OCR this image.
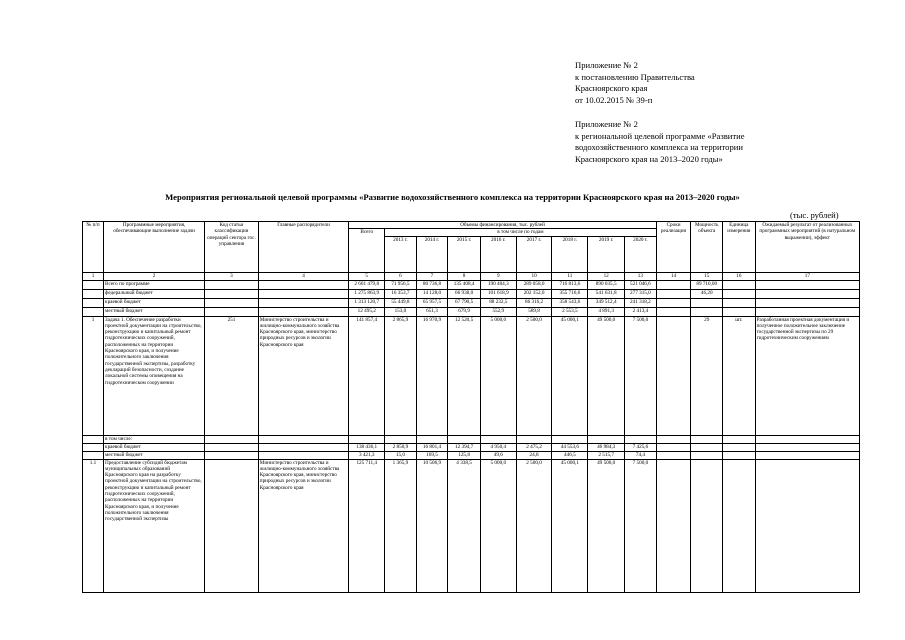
Приложение № 2
к постановлению Правительства
Красноярского края
от 10.02.2015 № 39-п
Приложение № 2
к региональной целевой программе «Развитие
водохозяйственного комплекса на территории
Красноярского края на 2013–2020 годы»
Мероприятия региональной целевой программы «Развитие водохозяйственного комплекса на территории Красноярского края на 2013–2020 годы»
(тыс. рублей)
№ п/п	Программные мероприятия, обеспечивающие выполнение задачи	Код статьи классификации операций сектора гос. управления	Главные распорядители	Объемы финансирования, тыс. рублей									Сроки реализации	Мощность объекта	Единица измерения	Ожидаемый результат от реализованных программных мероприятий (в натуральном выражении), эффект
				Всего	в том числе по годам											
					2013 г.	2014 г.	2015 г.	2016 г.	2017 г.	2018 г.	2019 г.	2020 г.				
1	2	3	4	5	6	7	8	9	10	11	12	13	14	15	16	17
	Всего по программе			2 601 479,8	71 956,5	80 736,8	135 408,4	190 404,3	289 058,0	716 813,6	890 035,5	521 046,6		89 710,00		
	федеральный бюджет			1 275 863,9	16 353,7	14 128,0	66 938,0	101 618,9	202 152,0	355 716,6	541 631,8	277 315,0		46,20		
	краевой бюджет			1 313 120,7	55 449,8	65 957,5	67 790,5	88 232,5	86 316,2	358 543,6	349 512,4	241 318,2				
	местный бюджет			12 495,2	153,0	651,3	679,9	552,9	589,8	2 553,5	4 891,3	2 413,4				
1	Задача 1. Обеспечение разработки проектной документации на строительство, реконструкцию и капитальный ремонт гидротехнических сооружений, расположенных на территории Красноярского края, и получение положительного заключения государственной экспертизы, разработку деклараций безопасности, создание локальной системы оповещения на гидротехническом сооружении	251	Министерство строительства и жилищно-коммунального хозяйства Красноярского края, министерство природных ресурсов и экологии Красноярского края	141 857,4	2 865,9	16 970,9	12 520,5	5 000,0	2 500,0	45 000,1	49 500,0	7 500,0		29	шт.	Разработанная проектная документация и полученное положительное заключение государственной экспертизы по 29 гидротехническим сооружениям
	в том числе:															
	краевой бюджет			138 436,1	2 850,9	16 801,4	12 394,7	4 950,4	2 475,2	44 553,6	46 984,3	7 425,6				
	местный бюджет			3 421,3	15,0	169,5	125,8	49,6	24,8	446,5	2 515,7	74,4				
1.1	Предоставление субсидий бюджетам муниципальных образований Красноярского края на разработку проектной документации на строительство, реконструкцию и капитальный ремонт гидротехнических сооружений, расположенных на территории Красноярского края, и получение положительного заключения государственной экспертизы		Министерство строительства и жилищно-коммунального хозяйства Красноярского края, министерство природных ресурсов и экологии Красноярского края	125 711,4	1 365,9	10 506,9	4 338,5	5 000,0	2 500,0	45 000,1	49 500,0	7 500,0				
